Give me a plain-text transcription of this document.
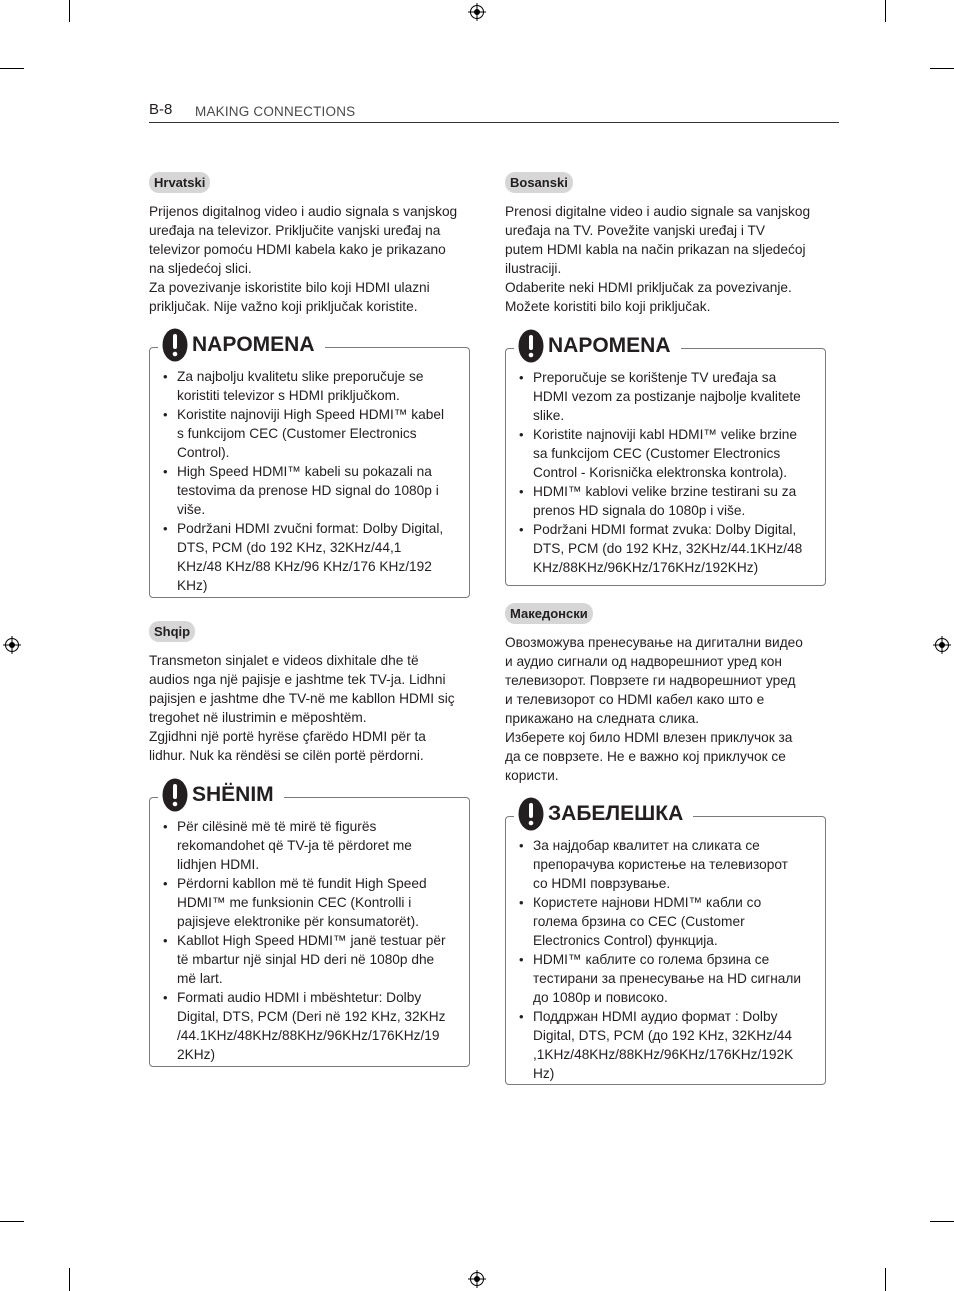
B-8 MAKING CONNECTIONS
Hrvatski

Prijenos digitalnog video i audio signala s vanjskog

uređaja na televizor. Priključite vanjski uređaj na

televizor pomoću HDMI kabela kako je prikazano

na sljedećoj slici.

Za povezivanje iskoristite bilo koji HDMI ulazni

priključak. Nije važno koji priključak koristite.

NAPOMENA
• Za najbolju kvalitetu slike preporučuje se
koristiti televizor s HDMI priključkom.
• Koristite najnoviji High Speed HDMI™ kabel
s funkcijom CEC (Customer Electronics
Control).
• High Speed HDMI™ kabeli su pokazali na
testovima da prenose HD signal do 1080p i
više.
• Podržani HDMI zvučni format: Dolby Digital,
DTS, PCM (do 192 KHz, 32KHz/44,1
KHz/48 KHz/88 KHz/96 KHz/176 KHz/192
KHz)
Shqip

Transmeton sinjalet e videos dixhitale dhe të

audios nga një pajisje e jashtme tek TV-ja. Lidhni

pajisjen e jashtme dhe TV-në me kabllon HDMI siç

tregohet në ilustrimin e mëposhtëm.

Zgjidhni një portë hyrëse çfarëdo HDMI për ta

lidhur. Nuk ka rëndësi se cilën portë përdorni.

SHËNIM
• Për cilësinë më të mirë të figurës
rekomandohet që TV-ja të përdoret me
lidhjen HDMI.
• Përdorni kabllon më të fundit High Speed
HDMI™ me funksionin CEC (Kontrolli i
pajisjeve elektronike për konsumatorët).
• Kabllot High Speed HDMI™ janë testuar për
të mbartur një sinjal HD deri në 1080p dhe
më lart.
• Formati audio HDMI i mbështetur: Dolby
Digital, DTS, PCM (Deri në 192 KHz, 32KHz
/44.1KHz/48KHz/88KHz/96KHz/176KHz/19
2KHz)
Bosanski

Prenosi digitalne video i audio signale sa vanjskog

uređaja na TV. Povežite vanjski uređaj i TV

putem HDMI kabla na način prikazan na sljedećoj

ilustraciji.

Odaberite neki HDMI priključak za povezivanje.

Možete koristiti bilo koji priključak.

NAPOMENA
• Preporučuje se korištenje TV uređaja sa
HDMI vezom za postizanje najbolje kvalitete
slike.
• Koristite najnoviji kabl HDMI™ velike brzine
sa funkcijom CEC (Customer Electronics
Control - Korisnička elektronska kontrola).
• HDMI™ kablovi velike brzine testirani su za
prenos HD signala do 1080p i više.
• Podržani HDMI format zvuka: Dolby Digital,
DTS, PCM (do 192 KHz, 32KHz/44.1KHz/48
KHz/88KHz/96KHz/176KHz/192KHz)
Македонски

Овозможува пренесување на дигитални видео

и аудио сигнали од надворешниот уред кон

телевизорот. Поврзете ги надворешниот уред

и телевизорот со HDMI кабел како што е

прикажано на следната слика.

Изберете кој било HDMI влезен приклучок за

да се поврзете. Не е важно кој приклучок се

користи.

ЗАБЕЛЕШКА
• За најдобар квалитет на сликата се
препорачува користење на телевизорот
со HDMI поврзување.
• Користете најнови HDMI™ кабли со
голема брзина со CEC (Customer
Electronics Control) функција.
• HDMI™ каблите со голема брзина се
тестирани за пренесување на HD сигнали
до 1080p и повисоко.
• Поддржан HDMI аудио формат : Dolby
Digital, DTS, PCM (до 192 KHz, 32KHz/44
,1KHz/48KHz/88KHz/96KHz/176KHz/192K
Hz)
